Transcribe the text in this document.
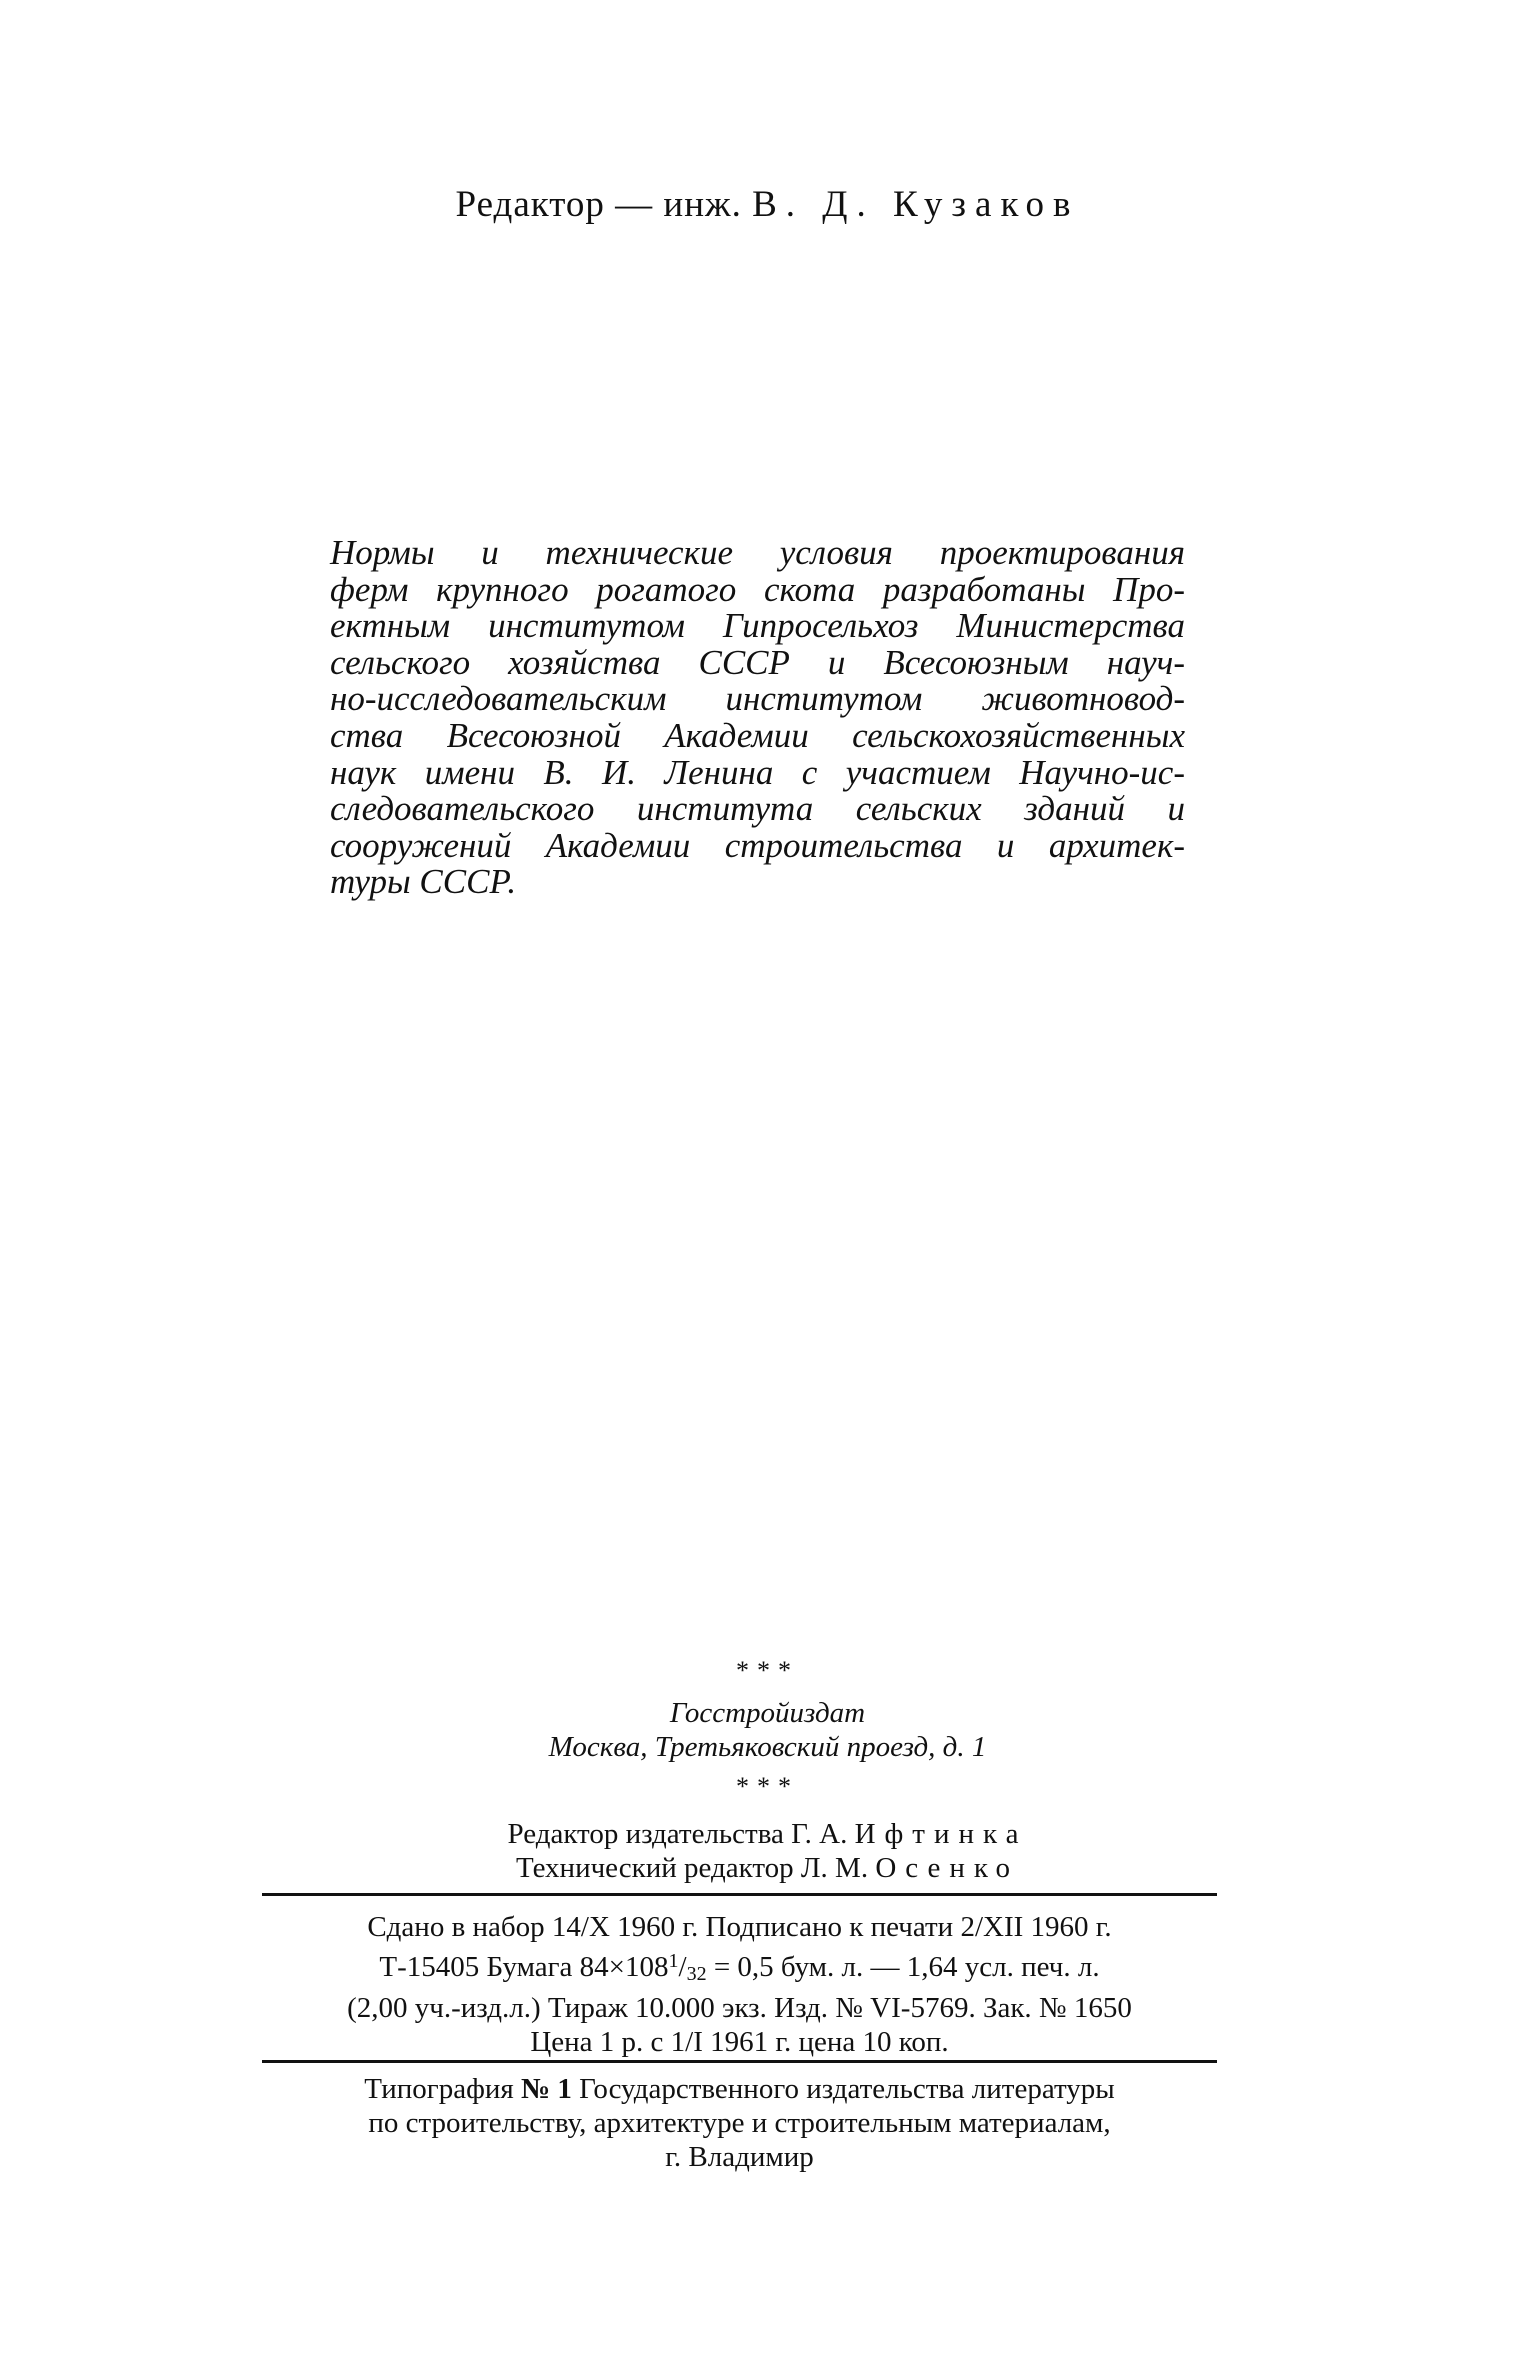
Редактор — инж. В. Д. Кузаков
Нормы и технические условия проектирования
ферм крупного рогатого скота разработаны Про-
ектным институтом Гипросельхоз Министерства
сельского хозяйства СССР и Всесоюзным науч-
но-исследовательским институтом животновод-
ства Всесоюзной Академии сельскохозяйственных
наук имени В. И. Ленина с участием Научно-ис-
следовательского института сельских зданий и
сооружений Академии строительства и архитек-
туры СССР.
***
Госстройиздат
Москва, Третьяковский проезд, д. 1
***
Редактор издательства Г. А. Ифтинка
Технический редактор Л. М. Осенко
Сдано в набор 14/X 1960 г. Подписано к печати 2/XII 1960 г.
Т-15405 Бумага $84\times 108^1/_{32} = 0,5$ бум. л. — 1,64 усл. печ. л.
(2,00 уч.-изд.л.) Тираж 10.000 экз. Изд. № VI-5769. Зак. № 1650
Цена 1 р. с 1/I 1961 г. цена 10 коп.
Типография № 1 Государственного издательства литературы
по строительству, архитектуре и строительным материалам,
г. Владимир
